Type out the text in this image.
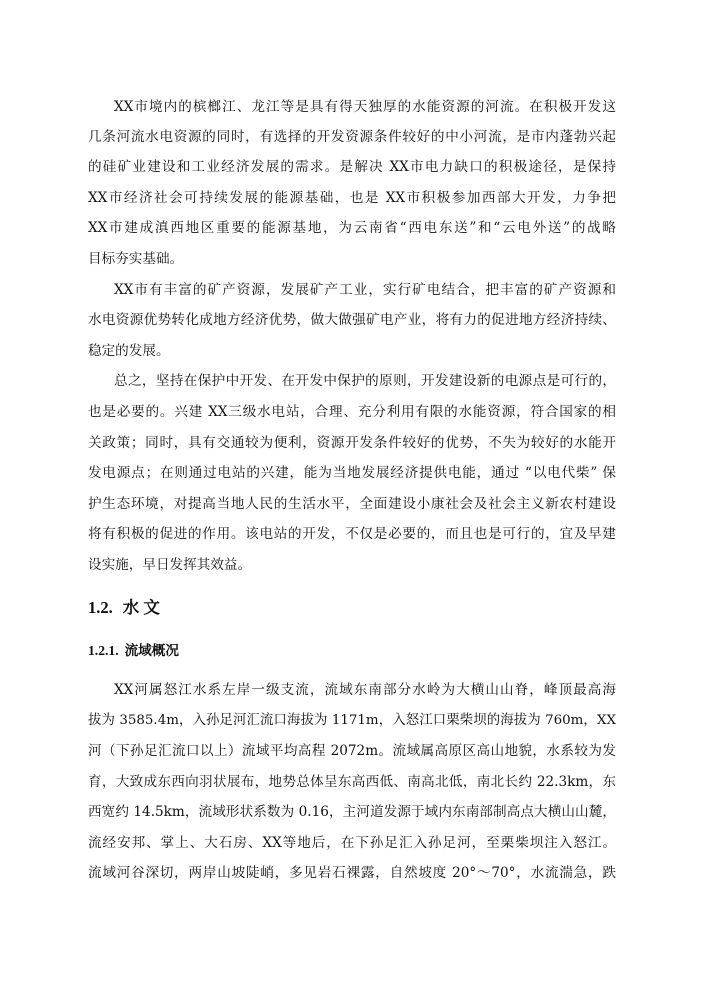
XX市境内的槟榔江、龙江等是具有得天独厚的水能资源的河流。在积极开发这
几条河流水电资源的同时，有选择的开发资源条件较好的中小河流，是市内蓬勃兴起
的硅矿业建设和工业经济发展的需求。是解决 XX市电力缺口的积极途径，是保持
XX市经济社会可持续发展的能源基础，也是 XX市积极参加西部大开发，力争把
XX市建成滇西地区重要的能源基地，为云南省“西电东送”和“云电外送”的战略
目标夯实基础。
XX市有丰富的矿产资源，发展矿产工业，实行矿电结合，把丰富的矿产资源和
水电资源优势转化成地方经济优势，做大做强矿电产业，将有力的促进地方经济持续、
稳定的发展。
总之，坚持在保护中开发、在开发中保护的原则，开发建设新的电源点是可行的，
也是必要的。兴建 XX三级水电站，合理、充分利用有限的水能资源，符合国家的相
关政策；同时，具有交通较为便利，资源开发条件较好的优势，不失为较好的水能开
发电源点；在则通过电站的兴建，能为当地发展经济提供电能，通过 “以电代柴” 保
护生态环境，对提高当地人民的生活水平，全面建设小康社会及社会主义新农村建设
将有积极的促进的作用。该电站的开发，不仅是必要的，而且也是可行的，宜及早建
设实施，早日发挥其效益。
1.2. 水 文
1.2.1. 流域概况
XX河属怒江水系左岸一级支流，流域东南部分水岭为大横山山脊，峰顶最高海
拔为 3585.4m，入孙足河汇流口海拔为 1171m，入怒江口栗柴坝的海拔为 760m，XX
河（下孙足汇流口以上）流域平均高程 2072m。流域属高原区高山地貌，水系较为发
育，大致成东西向羽状展布，地势总体呈东高西低、南高北低，南北长约 22.3km，东
西宽约 14.5km，流域形状系数为 0.16，主河道发源于域内东南部制高点大横山山麓，
流经安邦、掌上、大石房、XX等地后，在下孙足汇入孙足河，至栗柴坝注入怒江。
流域河谷深切，两岸山坡陡峭，多见岩石裸露，自然坡度 20°～70°，水流湍急，跌
